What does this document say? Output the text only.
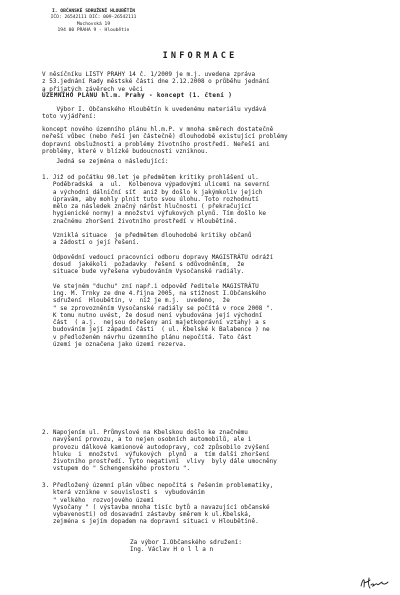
I. OBČANSKÉ SDRUŽENÍ HLOUBĚTÍN
IČO: 26542111 DIČ: 009-26542111
Mochovská 19
194 00 PRAHA 9 - Hloubětín
INFORMACE
V něsíčníku LISTY PRAHY 14 č. 1/2009 je m.j. uvedena zpráva
z 53.jednání Rady městské části dne 2.12.2008 o průběhu jednání
a přijatých závěrech ve věci
ÚZEMNÍHO PLÁNU hl.m. Prahy - koncept (1. čtení )
Výbor I. Občanského Hloubětín k uvedenému materiálu vydává
toto vyjádření:
koncept nového územního plánu hl.m.P. v mnoha směrech dostatečně
neřeší vůbec (nebo řeší jen částečně) dlouhodobě existující problémy
dopravní obslužnosti a problémy životního prostředí. Neřeší ani
problémy, které v blízké budoucnosti vzniknou.
Jedná se zejména o následující:
1. Již od počátku 90.let je předmětem kritiky prohlášení ul.
Poděbradská  a  ul.  Kolbenova výpadovými ulicemi na severní
a východní dálniční síť  aniž by došlo k jakýmkoliv jejich
úpravám, aby mohly plnit tuto svou úlohu. Toto rozhodnutí
mělo za následek značný nárůst hlučnosti ( překračující
hygienické normy) a množství výfukových plynů. Tím došlo ke
značnému zhoršení životního prostředí v Hloubětíně.

Vzniklá situace  je předmětem dlouhodobé kritiky občanů
a žádostí o její řešení.

Odpovědní vedoucí pracovníci odboru dopravy MAGISTRÁTU odráží
dosud  jakékoli  požadavky  řešení s odůvodněním,  že
situace bude vyřešena vybudováním Vysočanské radiály.

Ve stejném "duchu" zní např.i odpověď ředitele MAGISTRÁTU
ing. M. Trnky ze dne 4.října 2005, na stížnost I.Občanského
sdružení  Hloubětín, v  níž je m.j.  uvedeno,  že
" se zprovozněním Vysočanské radiály se počítá v roce 2008 ".
K tomu nutno uvést, že dosud není vybudována její východní
část  ( a.j.  nejsou dořešeny ani majetkoprávní vztahy) a s
budováním její západní části  ( ul. Kbelské k Balabence ) ne
v předloženém návrhu územního plánu nepočítá. Tato část
území je označena jako území rezerva.
2. Napojením ul. Průmyslové na Kbelskou došlo ke značnému
navýšení provozu, a to nejen osobních automobilů, ale i
provozu dálkové kamionové autodopravy, což způsobilo zvýšení
hluku  i  množství  výfukových  plynů  a  tím další zhoršení
životního prostředí. Tyto negativní  vlivy  byly dále umocněny
vstupem do " Schengenského prostoru ".
3. Předložený územní plán vůbec nepočítá s řešením problematiky,
která vznikne v souvislosti s  vybudováním
" velkého  rozvojového území
Vysočany " ( výstavba mnoha tisíc bytů a navazující občanské
vybavenosti) od dosavadní zástavby směrem k ul.Kbelská,
zejména s jejím dopadem na dopravní situaci v Hloubětíně.
Za výbor I.Občanského sdružení:
Ing. Václav H o l l a n
